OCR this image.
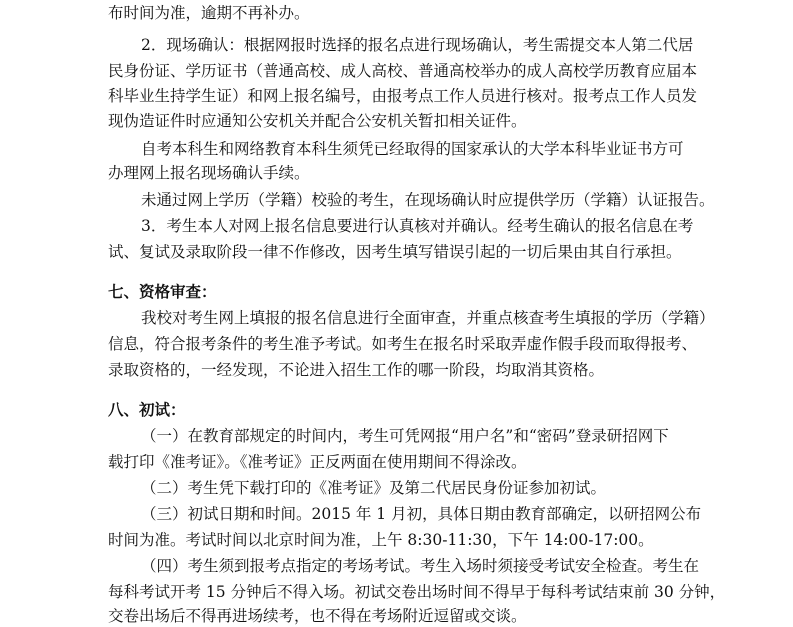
布时间为准，逾期不再补办。
2．现场确认：根据网报时选择的报名点进行现场确认，考生需提交本人第二代居
民身份证、学历证书（普通高校、成人高校、普通高校举办的成人高校学历教育应届本
科毕业生持学生证）和网上报名编号，由报考点工作人员进行核对。报考点工作人员发
现伪造证件时应通知公安机关并配合公安机关暂扣相关证件。
自考本科生和网络教育本科生须凭已经取得的国家承认的大学本科毕业证书方可
办理网上报名现场确认手续。
未通过网上学历（学籍）校验的考生，在现场确认时应提供学历（学籍）认证报告。
3．考生本人对网上报名信息要进行认真核对并确认。经考生确认的报名信息在考
试、复试及录取阶段一律不作修改，因考生填写错误引起的一切后果由其自行承担。
七、资格审查：
我校对考生网上填报的报名信息进行全面审查，并重点核查考生填报的学历（学籍）
信息，符合报考条件的考生准予考试。如考生在报名时采取弄虚作假手段而取得报考、
录取资格的，一经发现，不论进入招生工作的哪一阶段，均取消其资格。
八、初试：
（一）在教育部规定的时间内，考生可凭网报“用户名”和“密码”登录研招网下
载打印《准考证》。《准考证》正反两面在使用期间不得涂改。
（二）考生凭下载打印的《准考证》及第二代居民身份证参加初试。
（三）初试日期和时间。2015 年 1 月初，具体日期由教育部确定，以研招网公布
时间为准。考试时间以北京时间为准，上午 8:30-11:30，下午 14:00-17:00。
（四）考生须到报考点指定的考场考试。考生入场时须接受考试安全检查。考生在
每科考试开考 15 分钟后不得入场。初试交卷出场时间不得早于每科考试结束前 30 分钟，
交卷出场后不得再进场续考，也不得在考场附近逗留或交谈。
